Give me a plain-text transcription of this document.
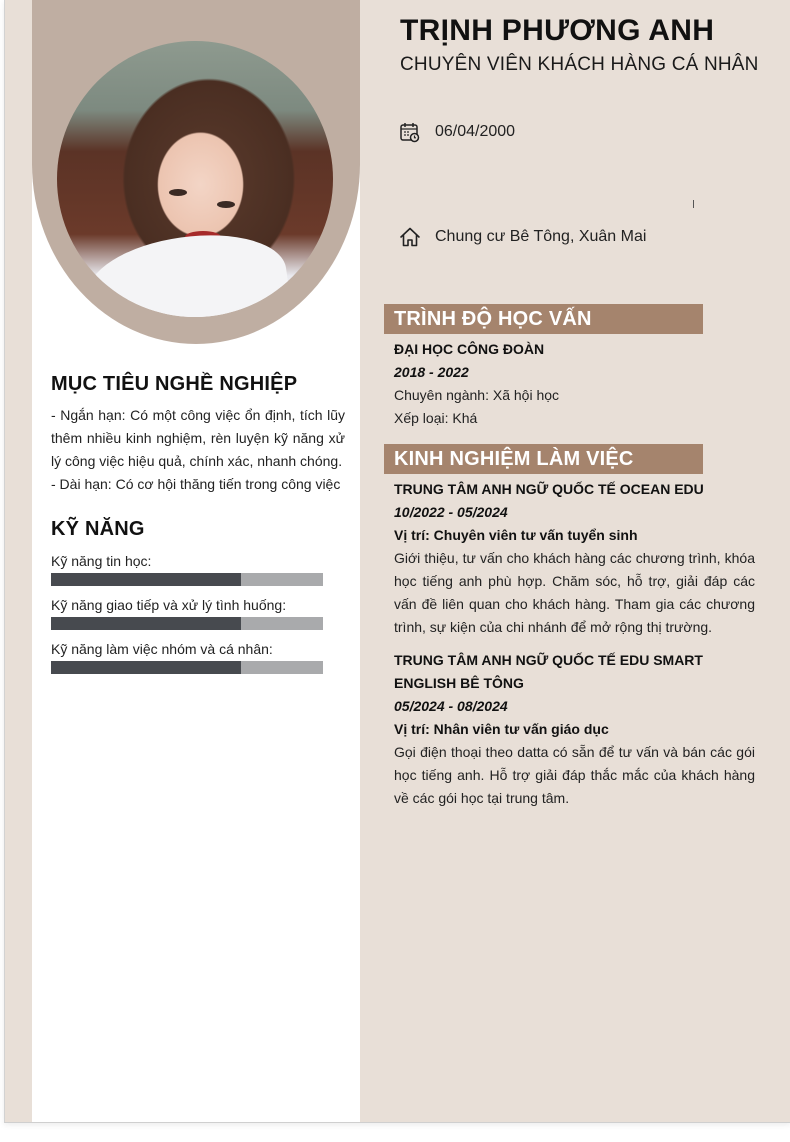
MỤC TIÊU NGHỀ NGHIỆP

- Ngắn hạn: Có một công việc ổn định, tích lũy thêm nhiều kinh nghiệm, rèn luyện kỹ năng xử lý công việc hiệu quả, chính xác, nhanh chóng.

- Dài hạn: Có cơ hội thăng tiến trong công việc

KỸ NĂNG
Kỹ năng tin học:
Kỹ năng giao tiếp và xử lý tình huống:
Kỹ năng làm việc nhóm và cá nhân:
TRỊNH PHƯƠNG ANH
CHUYÊN VIÊN KHÁCH HÀNG CÁ NHÂN
06/04/2000
Chung cư Bê Tông, Xuân Mai
TRÌNH ĐỘ HỌC VẤN
ĐẠI HỌC CÔNG ĐOÀN
2018 - 2022
Chuyên ngành: Xã hội học
Xếp loại: Khá
KINH NGHIỆM LÀM VIỆC
TRUNG TÂM ANH NGỮ QUỐC TẾ OCEAN EDU
10/2022 - 05/2024
Vị trí: Chuyên viên tư vấn tuyển sinh
Giới thiệu, tư vấn cho khách hàng các chương trình, khóa học tiếng anh phù hợp. Chăm sóc, hỗ trợ, giải đáp các vấn đề liên quan cho khách hàng. Tham gia các chương trình, sự kiện của chi nhánh để mở rộng thị trường.
TRUNG TÂM ANH NGỮ QUỐC TẾ EDU SMART ENGLISH BÊ TÔNG
05/2024 - 08/2024
Vị trí: Nhân viên tư vấn giáo dục
Gọi điện thoại theo datta có sẵn để tư vấn và bán các gói học tiếng anh. Hỗ trợ giải đáp thắc mắc của khách hàng về các gói học tại trung tâm.
